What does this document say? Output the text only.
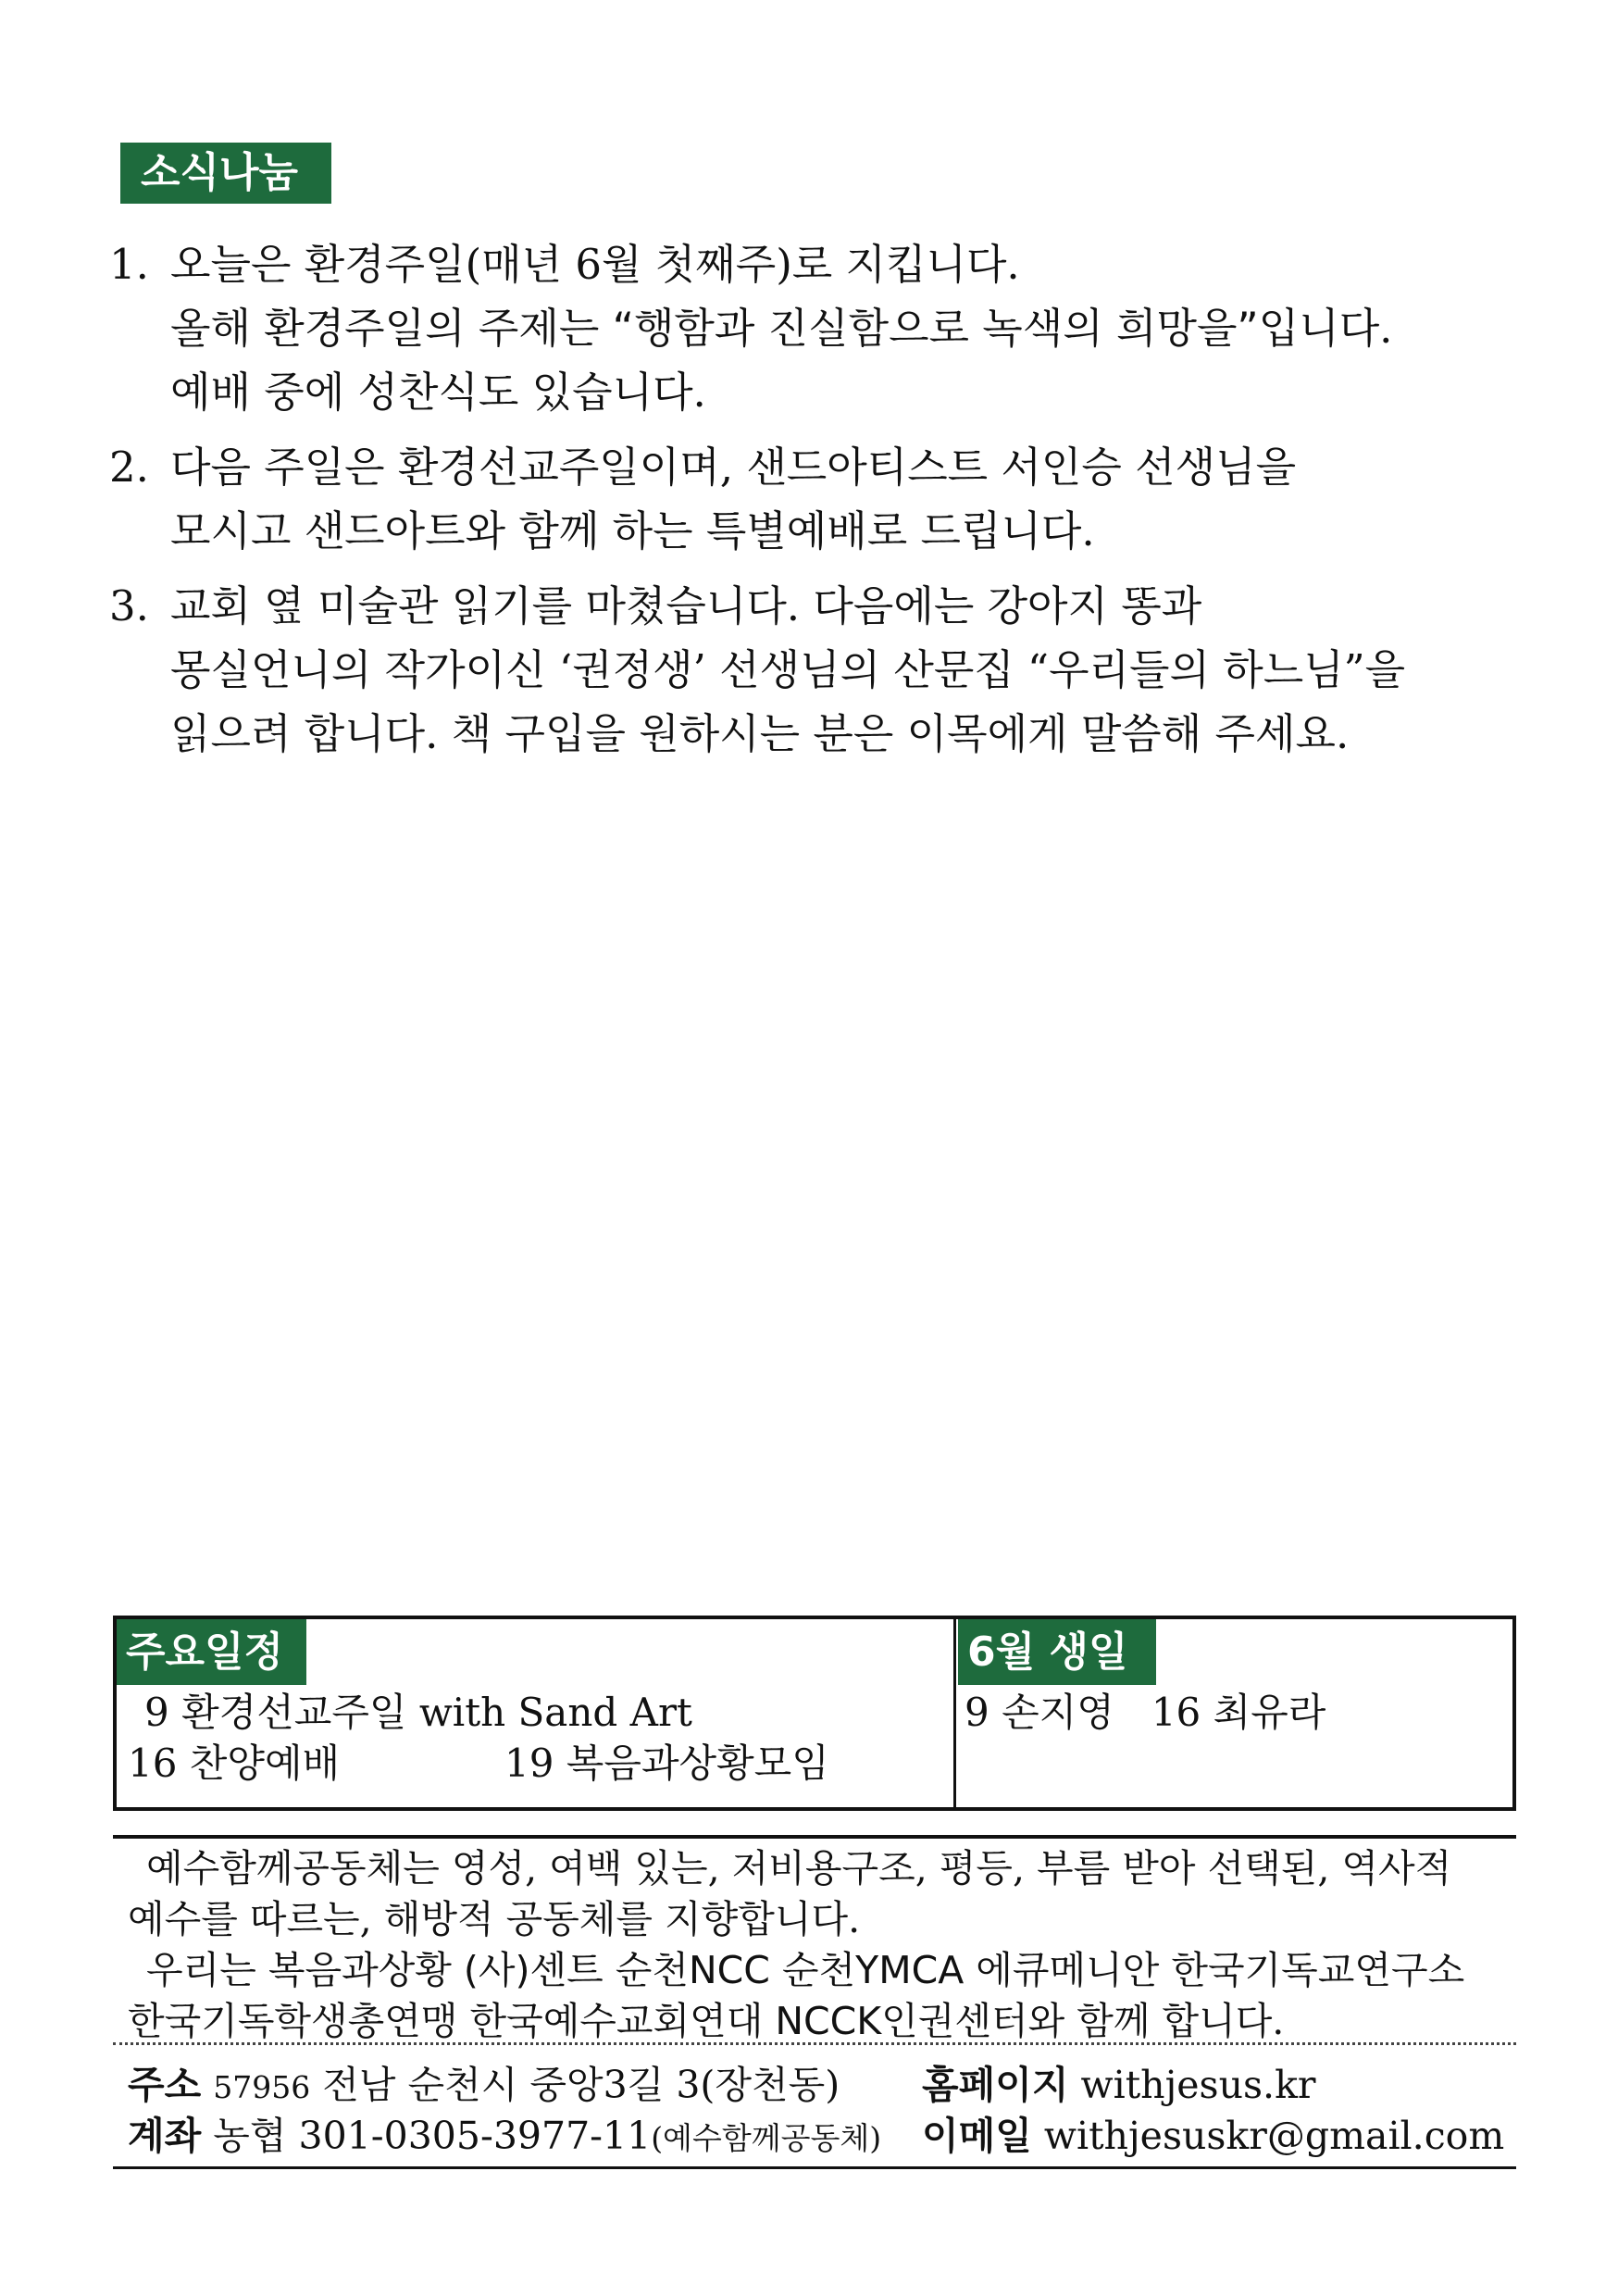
소식나눔
1. 오늘은 환경주일(매년 6월 첫째주)로 지킵니다.
올해 환경주일의 주제는 “행함과 진실함으로 녹색의 희망을”입니다.
예배 중에 성찬식도 있습니다.
2. 다음 주일은 환경선교주일이며, 샌드아티스트 서인승 선생님을
모시고 샌드아트와 함께 하는 특별예배로 드립니다.
3. 교회 옆 미술관 읽기를 마쳤습니다. 다음에는 강아지 똥과
몽실언니의 작가이신 ‘권정생’ 선생님의 산문집 “우리들의 하느님”을
읽으려 합니다. 책 구입을 원하시는 분은 이목에게 말씀해 주세요.
주요일정	6월 생일
9 환경선교주일 with Sand Art
16 찬양예배	19 복음과상황모임
9 손지영   16 최유라
예수함께공동체는 영성, 여백 있는, 저비용구조, 평등, 부름 받아 선택된, 역사적
예수를 따르는, 해방적 공동체를 지향합니다.
우리는 복음과상황 (사)센트 순천NCC 순천YMCA 에큐메니안 한국기독교연구소
한국기독학생총연맹 한국예수교회연대 NCCK인권센터와 함께 합니다.
주소 57956 전남 순천시 중앙3길 3(장천동) 홈페이지 withjesus.kr
계좌 농협 301-0305-3977-11(예수함께공동체) 이메일 withjesuskr@gmail.com
